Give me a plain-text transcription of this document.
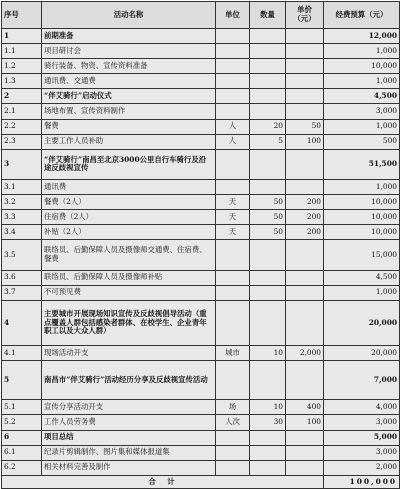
序号	活动名称	单位	数量	单价
（元）	经费预算（元）
1	前期准备				12,000
1.1	项目研讨会				1,000
1.2	骑行装备、物资、宣传资料准备				10,000
1.3	通讯费、交通费				1,000
2	“伴艾骑行”启动仪式				4,500
2.1	场地布置、宣传资料制作				3,000
2.2	餐费	人	20	50	1,000
2.3	主要工作人员补助	人	5	100	500
3	“伴艾骑行”南昌至北京3000公里自行车骑行及沿途反歧视宣传				51,500
3.1	通讯费				1,000
3.2	餐费（2人）	天	50	200	10,000
3.3	住宿费（2人）	天	50	200	10,000
3.4	补贴（2人）	天	50	200	10,000
3.5	联络员、后勤保障人员及摄像师交通费、住宿费、餐费				15,000
3.6	联络员、后勤保障人员及摄像师补贴				4,500
3.7	不可预见费				1,000
4	主要城市开展现场知识宣传及反歧视倡导活动（重点覆盖人群包括感染者群体、在校学生、企业青年职工以及大众人群）				20,000
4.1	现场活动开支	城市	10	2,000	20,000
5	南昌市“伴艾骑行”活动经历分享及反歧视宣传活动				7,000
5.1	宣传分享活动开支	场	10	400	4,000
5.2	工作人员劳务费	人次	30	100	3,000
6	项目总结				5,000
6.1	纪录片剪辑制作、图片集和媒体报道集				3,000
6.2	相关材料完善及制作				2,000
合　计					100,000
